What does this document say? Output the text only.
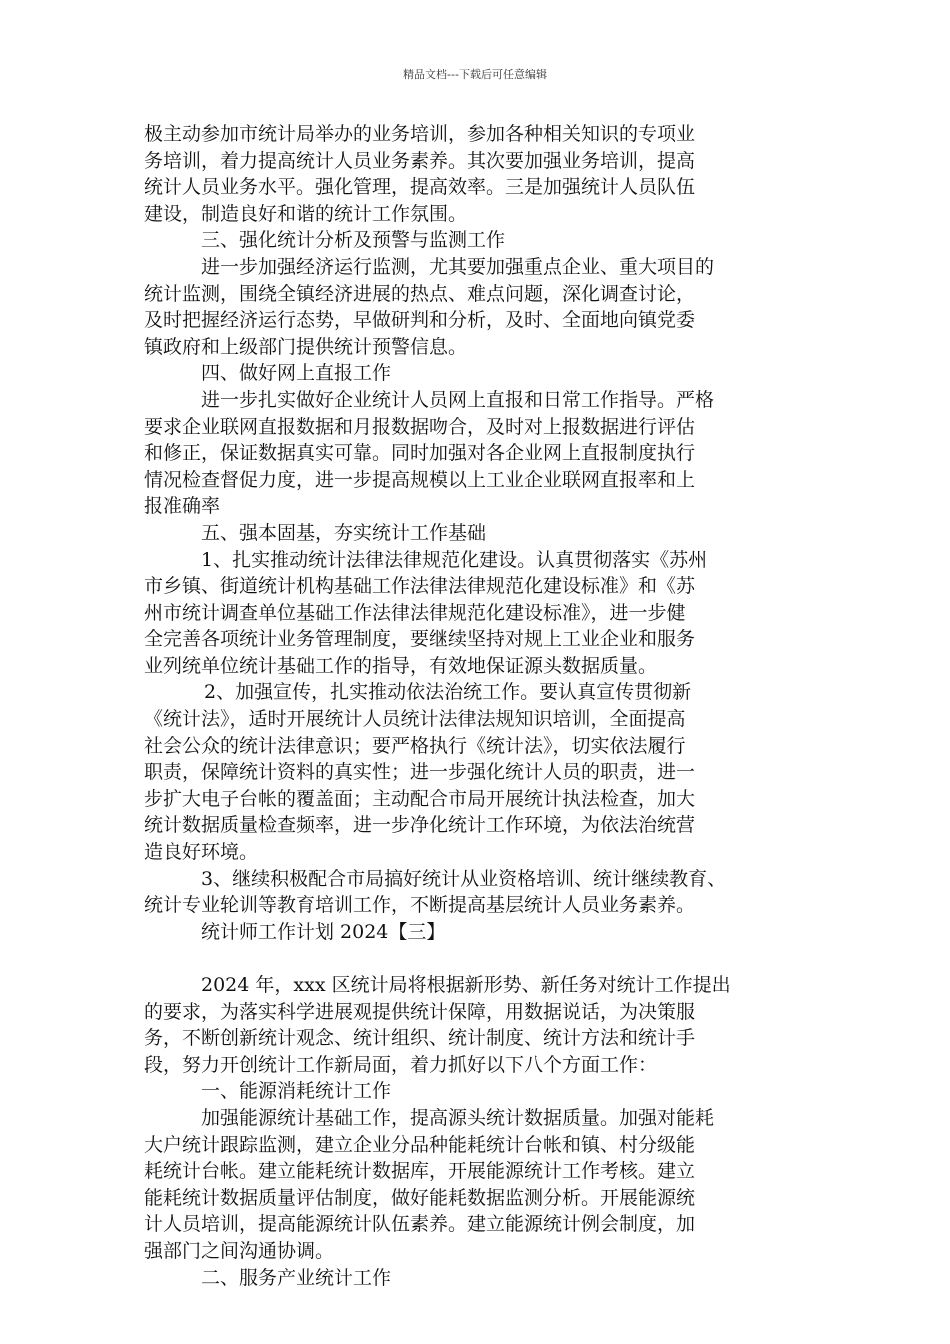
精品文档---下载后可任意编辑
极主动参加市统计局举办的业务培训，参加各种相关知识的专项业
务培训，着力提高统计人员业务素养。其次要加强业务培训，提高
统计人员业务水平。强化管理，提高效率。三是加强统计人员队伍
建设，制造良好和谐的统计工作氛围。
三、强化统计分析及预警与监测工作
进一步加强经济运行监测，尤其要加强重点企业、重大项目的
统计监测，围绕全镇经济进展的热点、难点问题，深化调查讨论，
及时把握经济运行态势，早做研判和分析，及时、全面地向镇党委
镇政府和上级部门提供统计预警信息。
四、做好网上直报工作
进一步扎实做好企业统计人员网上直报和日常工作指导。严格
要求企业联网直报数据和月报数据吻合，及时对上报数据进行评估
和修正，保证数据真实可靠。同时加强对各企业网上直报制度执行
情况检查督促力度，进一步提高规模以上工业企业联网直报率和上
报准确率
五、强本固基，夯实统计工作基础
1、扎实推动统计法律法律规范化建设。认真贯彻落实《苏州
市乡镇、街道统计机构基础工作法律法律规范化建设标准》和《苏
州市统计调查单位基础工作法律法律规范化建设标准》，进一步健
全完善各项统计业务管理制度，要继续坚持对规上工业企业和服务
业列统单位统计基础工作的指导，有效地保证源头数据质量。
2、加强宣传，扎实推动依法治统工作。要认真宣传贯彻新
《统计法》，适时开展统计人员统计法律法规知识培训，全面提高
社会公众的统计法律意识；要严格执行《统计法》，切实依法履行
职责，保障统计资料的真实性；进一步强化统计人员的职责，进一
步扩大电子台帐的覆盖面；主动配合市局开展统计执法检查，加大
统计数据质量检查频率，进一步净化统计工作环境，为依法治统营
造良好环境。
3、继续积极配合市局搞好统计从业资格培训、统计继续教育、
统计专业轮训等教育培训工作，不断提高基层统计人员业务素养。
统计师工作计划 2024【三】
2024 年，xxx 区统计局将根据新形势、新任务对统计工作提出
的要求，为落实科学进展观提供统计保障，用数据说话，为决策服
务，不断创新统计观念、统计组织、统计制度、统计方法和统计手
段，努力开创统计工作新局面，着力抓好以下八个方面工作：
一、能源消耗统计工作
加强能源统计基础工作，提高源头统计数据质量。加强对能耗
大户统计跟踪监测，建立企业分品种能耗统计台帐和镇、村分级能
耗统计台帐。建立能耗统计数据库，开展能源统计工作考核。建立
能耗统计数据质量评估制度，做好能耗数据监测分析。开展能源统
计人员培训，提高能源统计队伍素养。建立能源统计例会制度，加
强部门之间沟通协调。
二、服务产业统计工作
